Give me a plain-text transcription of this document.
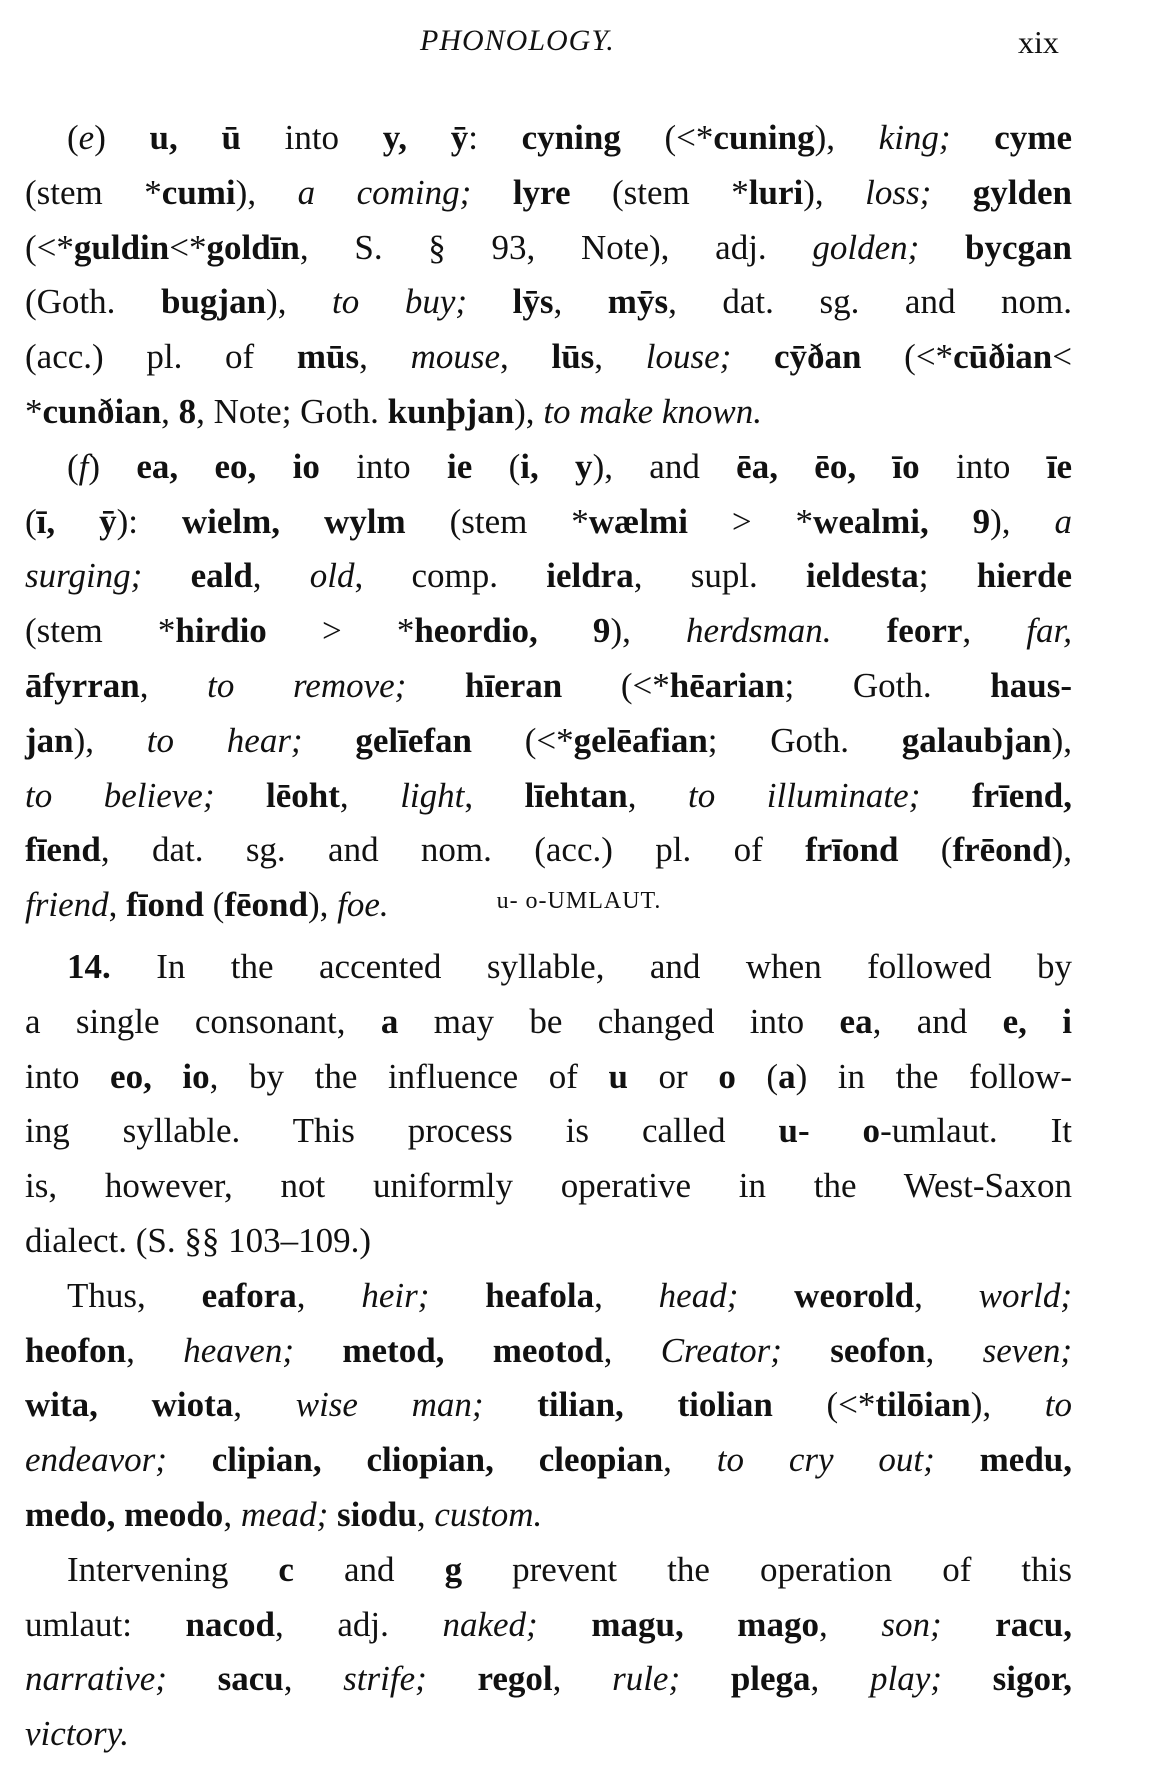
PHONOLOGY.	xix
(e) u, ū into y, ȳ: cyning (<*cuning), king; cyme
(stem *cumi), a coming; lyre (stem *luri), loss; gylden
(<*guldin<*goldīn, S. § 93, Note), adj. golden; bycgan
(Goth. bugjan), to buy; lȳs, mȳs, dat. sg. and nom.
(acc.) pl. of mūs, mouse, lūs, louse; cȳðan (<*cūðian<
*cunðian, 8, Note; Goth. kunþjan), to make known.
(f) ea, eo, io into ie (i, y), and ēa, ēo, īo into īe
(ī, ȳ): wielm, wylm (stem *wælmi > *wealmi, 9), a
surging; eald, old, comp. ieldra, supl. ieldesta; hierde
(stem *hirdio > *heordio, 9), herdsman. feorr, far,
āfyrran, to remove; hīeran (<*hēarian; Goth. haus-
jan), to hear; gelīefan (<*gelēafian; Goth. galaubjan),
to believe; lēoht, light, līehtan, to illuminate; frīend,
fīend, dat. sg. and nom. (acc.) pl. of frīond (frēond),
friend, fīond (fēond), foe.	u- o-UMLAUT.
14. In the accented syllable, and when followed by
a single consonant, a may be changed into ea, and e, i
into eo, io, by the influence of u or o (a) in the follow-
ing syllable. This process is called u- o-umlaut. It
is, however, not uniformly operative in the West-Saxon
dialect. (S. §§ 103–109.)
Thus, eafora, heir; heafola, head; weorold, world;
heofon, heaven; metod, meotod, Creator; seofon, seven;
wita, wiota, wise man; tilian, tiolian (<*tilōian), to
endeavor; clipian, cliopian, cleopian, to cry out; medu,
medo, meodo, mead; siodu, custom.
Intervening c and g prevent the operation of this
umlaut: nacod, adj. naked; magu, mago, son; racu,
narrative; sacu, strife; regol, rule; plega, play; sigor,
victory.
